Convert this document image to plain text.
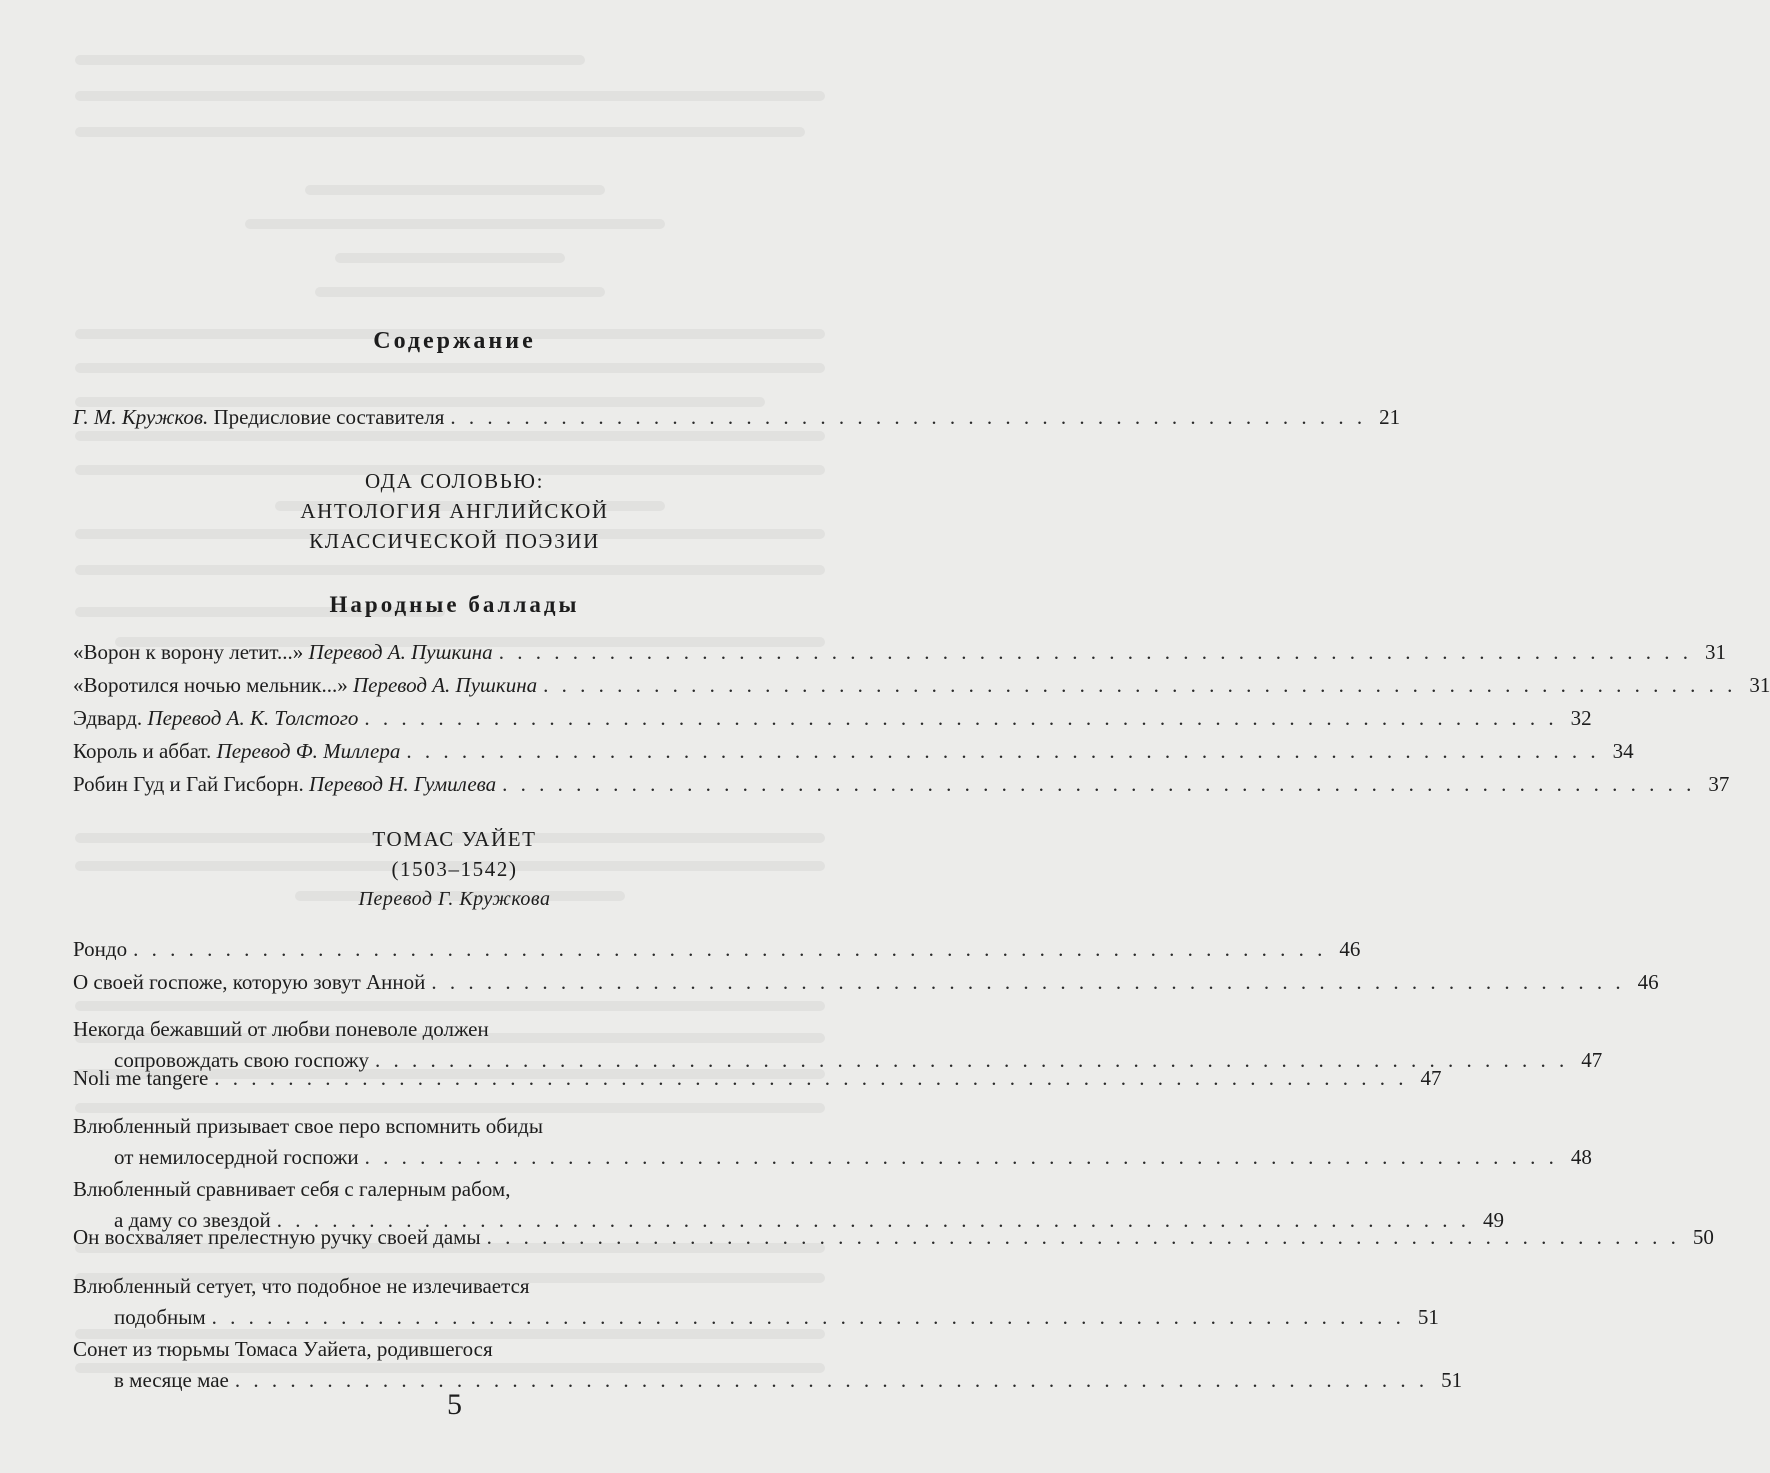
Содержание
Г. М. Кружков. Предисловие составителя . . . . . . . . . . . . . . . . . . . . . . . . . . . . . . . . . . . . . . . . . . . . . . . . . . 21
ОДА СОЛОВЬЮ:
АНТОЛОГИЯ АНГЛИЙСКОЙ
КЛАССИЧЕСКОЙ ПОЭЗИИ
Народные баллады
«Ворон к ворону летит...» Перевод А. Пушкина . . . . . . . . . . . . . . . . . . . . . . . . . . . . . . . . . . . . . . . . . . . . . . . . . . . . . . . . . . . . . . . . . 31
«Воротился ночью мельник...» Перевод А. Пушкина . . . . . . . . . . . . . . . . . . . . . . . . . . . . . . . . . . . . . . . . . . . . . . . . . . . . . . . . . . . . . . . . . 31
Эдвард. Перевод А. К. Толстого . . . . . . . . . . . . . . . . . . . . . . . . . . . . . . . . . . . . . . . . . . . . . . . . . . . . . . . . . . . . . . . . . 32
Король и аббат. Перевод Ф. Миллера . . . . . . . . . . . . . . . . . . . . . . . . . . . . . . . . . . . . . . . . . . . . . . . . . . . . . . . . . . . . . . . . . 34
Робин Гуд и Гай Гисборн. Перевод Н. Гумилева . . . . . . . . . . . . . . . . . . . . . . . . . . . . . . . . . . . . . . . . . . . . . . . . . . . . . . . . . . . . . . . . . 37
ТОМАС УАЙЕТ
(1503–1542)
Перевод Г. Кружкова
Рондо . . . . . . . . . . . . . . . . . . . . . . . . . . . . . . . . . . . . . . . . . . . . . . . . . . . . . . . . . . . . . . . . . 46
О своей госпоже, которую зовут Анной . . . . . . . . . . . . . . . . . . . . . . . . . . . . . . . . . . . . . . . . . . . . . . . . . . . . . . . . . . . . . . . . . 46
Некогда бежавший от любви поневоле должен
сопровождать свою госпожу . . . . . . . . . . . . . . . . . . . . . . . . . . . . . . . . . . . . . . . . . . . . . . . . . . . . . . . . . . . . . . . . . 47
Noli me tangere . . . . . . . . . . . . . . . . . . . . . . . . . . . . . . . . . . . . . . . . . . . . . . . . . . . . . . . . . . . . . . . . . 47
Влюбленный призывает свое перо вспомнить обиды
от немилосердной госпожи . . . . . . . . . . . . . . . . . . . . . . . . . . . . . . . . . . . . . . . . . . . . . . . . . . . . . . . . . . . . . . . . . 48
Влюбленный сравнивает себя с галерным рабом,
а даму со звездой . . . . . . . . . . . . . . . . . . . . . . . . . . . . . . . . . . . . . . . . . . . . . . . . . . . . . . . . . . . . . . . . . 49
Он восхваляет прелестную ручку своей дамы . . . . . . . . . . . . . . . . . . . . . . . . . . . . . . . . . . . . . . . . . . . . . . . . . . . . . . . . . . . . . . . . . 50
Влюбленный сетует, что подобное не излечивается
подобным . . . . . . . . . . . . . . . . . . . . . . . . . . . . . . . . . . . . . . . . . . . . . . . . . . . . . . . . . . . . . . . . . 51
Сонет из тюрьмы Томаса Уайета, родившегося
в месяце мае . . . . . . . . . . . . . . . . . . . . . . . . . . . . . . . . . . . . . . . . . . . . . . . . . . . . . . . . . . . . . . . . . 51
5
